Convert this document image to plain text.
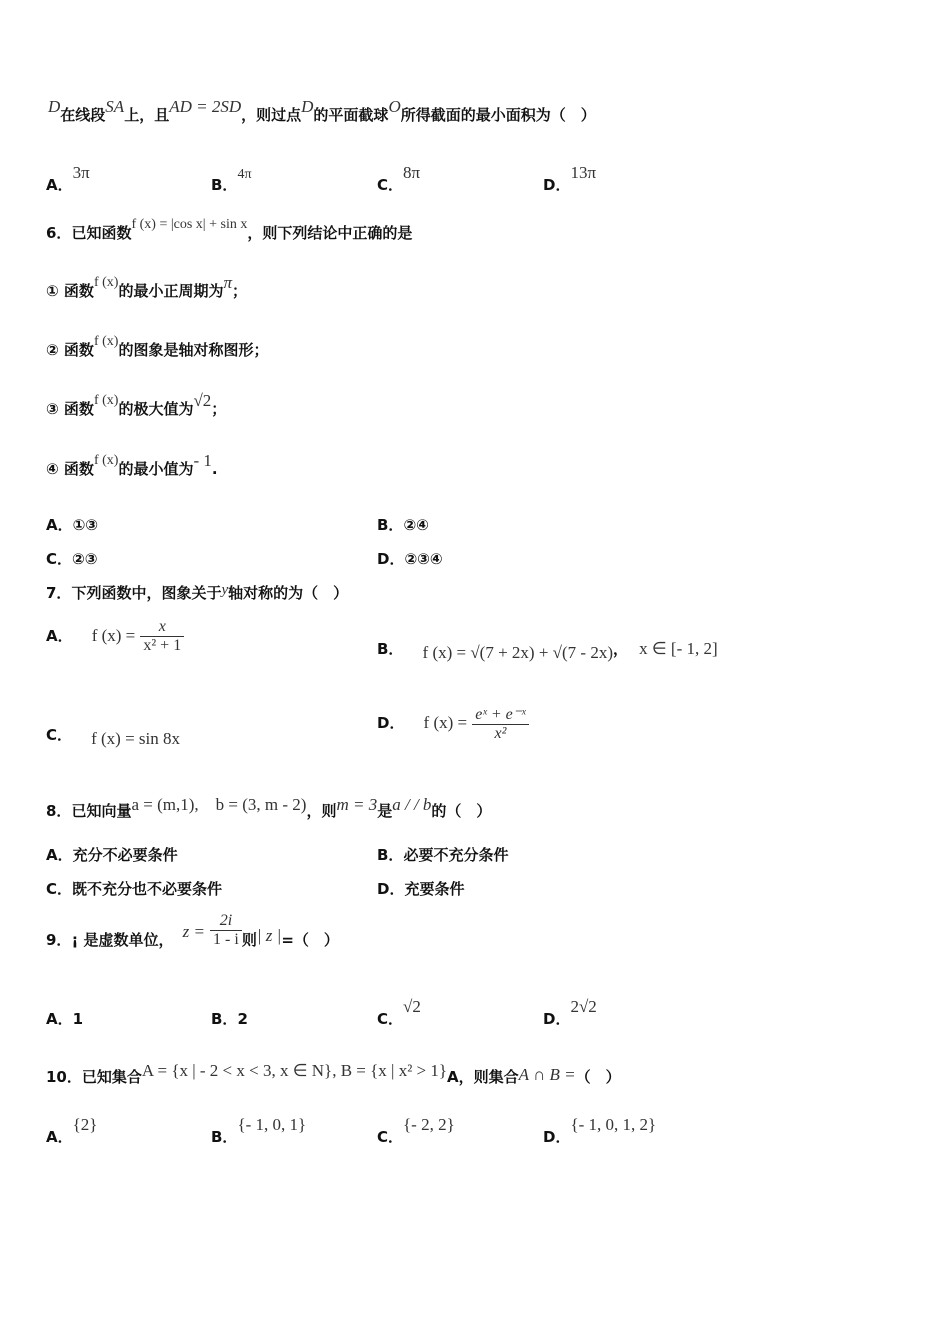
D在线段SA上，且AD = 2SD，则过点D的平面截球O所得截面的最小面积为（　）
A．3π
B．4π
C．8π
D．13π
6．已知函数f (x) = |cos x| + sin x，则下列结论中正确的是
① 函数f (x)的最小正周期为π；
② 函数f (x)的图象是轴对称图形；
③ 函数f (x)的极大值为√2；
④ 函数f (x)的最小值为- 1.
A．①③	B．②④
C．②③	D．②③④
7．下列函数中，图象关于y轴对称的为（　）
A． f $(x) = \frac{x}{\text{x² + 1}}$	B． f (x) = √(7 + 2x) + √(7 - 2x)， x ∈ [- 1, 2]
C． f (x) = sin 8x
D． f $(x) = \frac{\text{eˣ + e⁻ˣ}}{\text{x²}}$
8．已知向量a = (m,1),　b = (3, m - 2)，则m = 3是a / / b的（　）
A．充分不必要条件	B．必要不充分条件
C．既不充分也不必要条件	D．充要条件
9．¡ 是虚数单位， $z = \frac{2i}{1 - i}$ 则| z |=（　）
A．1	B．2	C．√2
D．2√2
10．已知集合A = {x | - 2 < x < 3, x ∈ N}, B = {x | x² > 1}A，则集合A ∩ B =（　）
A．{2}
B．{- 1, 0, 1}
C．{- 2, 2}
D．{- 1, 0, 1, 2}
